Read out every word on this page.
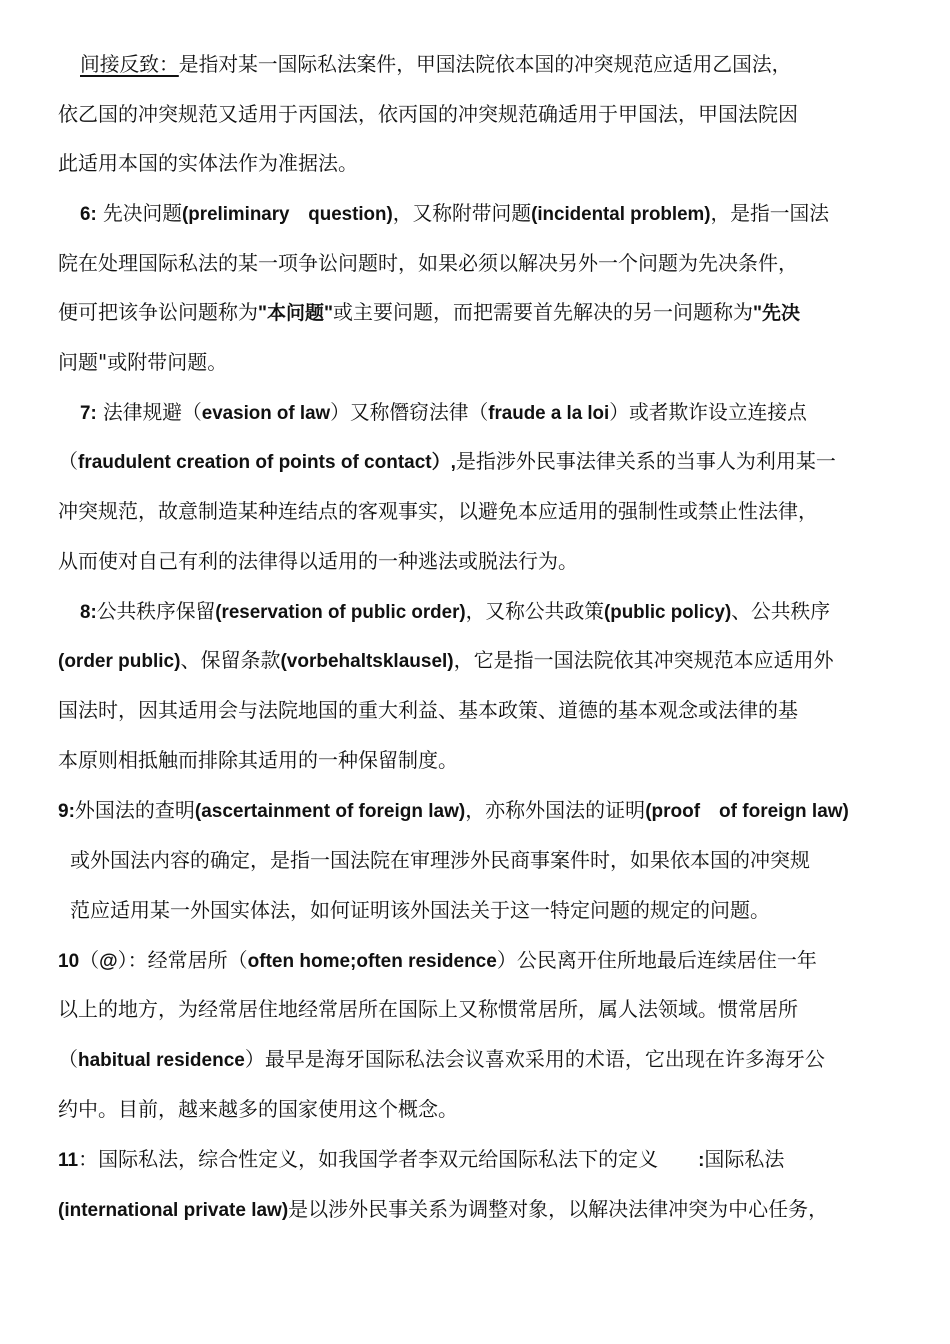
间接反致：是指对某一国际私法案件，甲国法院依本国的冲突规范应适用乙国法，
依乙国的冲突规范又适用于丙国法，依丙国的冲突规范确适用于甲国法，甲国法院因
此适用本国的实体法作为准据法。
6: 先决问题(preliminary　question)，又称附带问题(incidental problem)，是指一国法
院在处理国际私法的某一项争讼问题时，如果必须以解决另外一个问题为先决条件，
便可把该争讼问题称为"本问题"或主要问题，而把需要首先解决的另一问题称为"先决
问题"或附带问题。
7: 法律规避（evasion of law）又称僭窃法律（fraude a la loi）或者欺诈设立连接点
（fraudulent creation of points of contact）,是指涉外民事法律关系的当事人为利用某一
冲突规范，故意制造某种连结点的客观事实，以避免本应适用的强制性或禁止性法律，
从而使对自己有利的法律得以适用的一种逃法或脱法行为。
8:公共秩序保留(reservation of public order)，又称公共政策(public policy)、公共秩序
(order public)、保留条款(vorbehaltsklausel)，它是指一国法院依其冲突规范本应适用外
国法时，因其适用会与法院地国的重大利益、基本政策、道德的基本观念或法律的基
本原则相抵触而排除其适用的一种保留制度。
9:外国法的查明(ascertainment of foreign law)，亦称外国法的证明(proof　of foreign law)
或外国法内容的确定，是指一国法院在审理涉外民商事案件时，如果依本国的冲突规
范应适用某一外国实体法，如何证明该外国法关于这一特定问题的规定的问题。
10（@）：经常居所（often home;often residence）公民离开住所地最后连续居住一年
以上的地方，为经常居住地经常居所在国际上又称惯常居所，属人法领域。惯常居所
（habitual residence）最早是海牙国际私法会议喜欢采用的术语，它出现在许多海牙公
约中。目前，越来越多的国家使用这个概念。
11：国际私法，综合性定义，如我国学者李双元给国际私法下的定义　　:国际私法
(international private law)是以涉外民事关系为调整对象，以解决法律冲突为中心任务，
